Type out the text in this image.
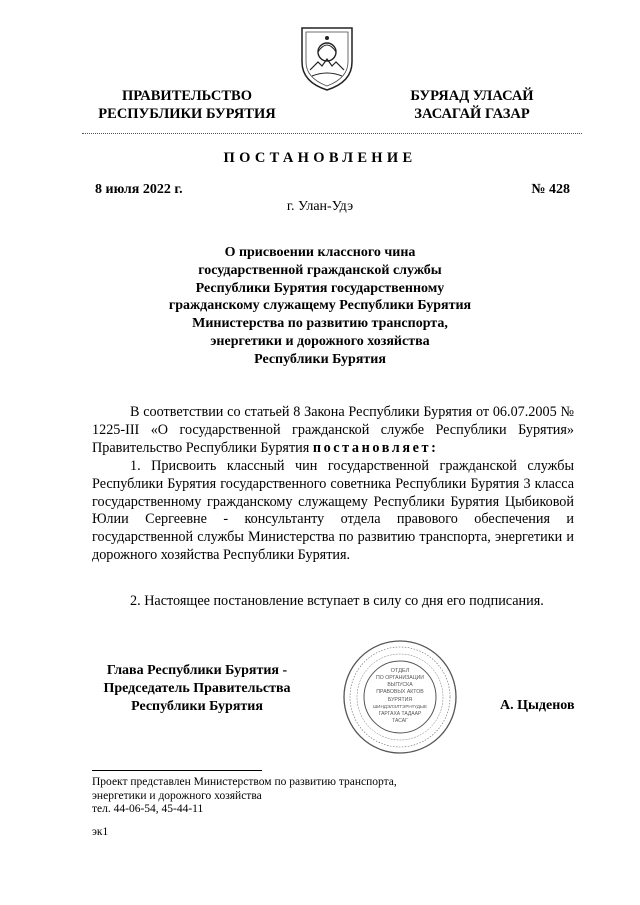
ПРАВИТЕЛЬСТВО
РЕСПУБЛИКИ БУРЯТИЯ
БУРЯАД УЛАСАЙ
ЗАСАГАЙ ГАЗАР
ПОСТАНОВЛЕНИЕ
8 июля 2022 г.	№ 428
г. Улан-Удэ
О присвоении классного чина
государственной гражданской службы
Республики Бурятия государственному
гражданскому служащему Республики Бурятия
Министерства по развитию транспорта,
энергетики и дорожного хозяйства
Республики Бурятия
В соответствии со статьей 8 Закона Республики Бурятия от 06.07.2005 № 1225-III «О государственной гражданской службе Республики Бурятия» Правительство Республики Бурятия постановляет:
1. Присвоить классный чин государственной гражданской службы Республики Бурятия государственного советника Республики Бурятия 3 класса государственному гражданскому служащему Республики Бурятия Цыбиковой Юлии Сергеевне - консультанту отдела правового обеспечения и государственной службы Министерства по развитию транспорта, энергетики и дорожного хозяйства Республики Бурятия.
2. Настоящее постановление вступает в силу со дня его подписания.
Глава Республики Бурятия -
Председатель Правительства
Республики Бурятия
ОТДЕЛ
ПО ОРГАНИЗАЦИИ
ВЫПУСКА
ПРАВОВЫХ АКТОВ
БУРЯТИЯ
ШИНДЭЛЭЛТЭРНҮҮДЫЕ
ГАРГАХА ТАДААР
ТАСАГ
А. Цыденов
Проект представлен Министерством по развитию транспорта,
энергетики и дорожного хозяйства
тел. 44-06-54, 45-44-11
эк1
